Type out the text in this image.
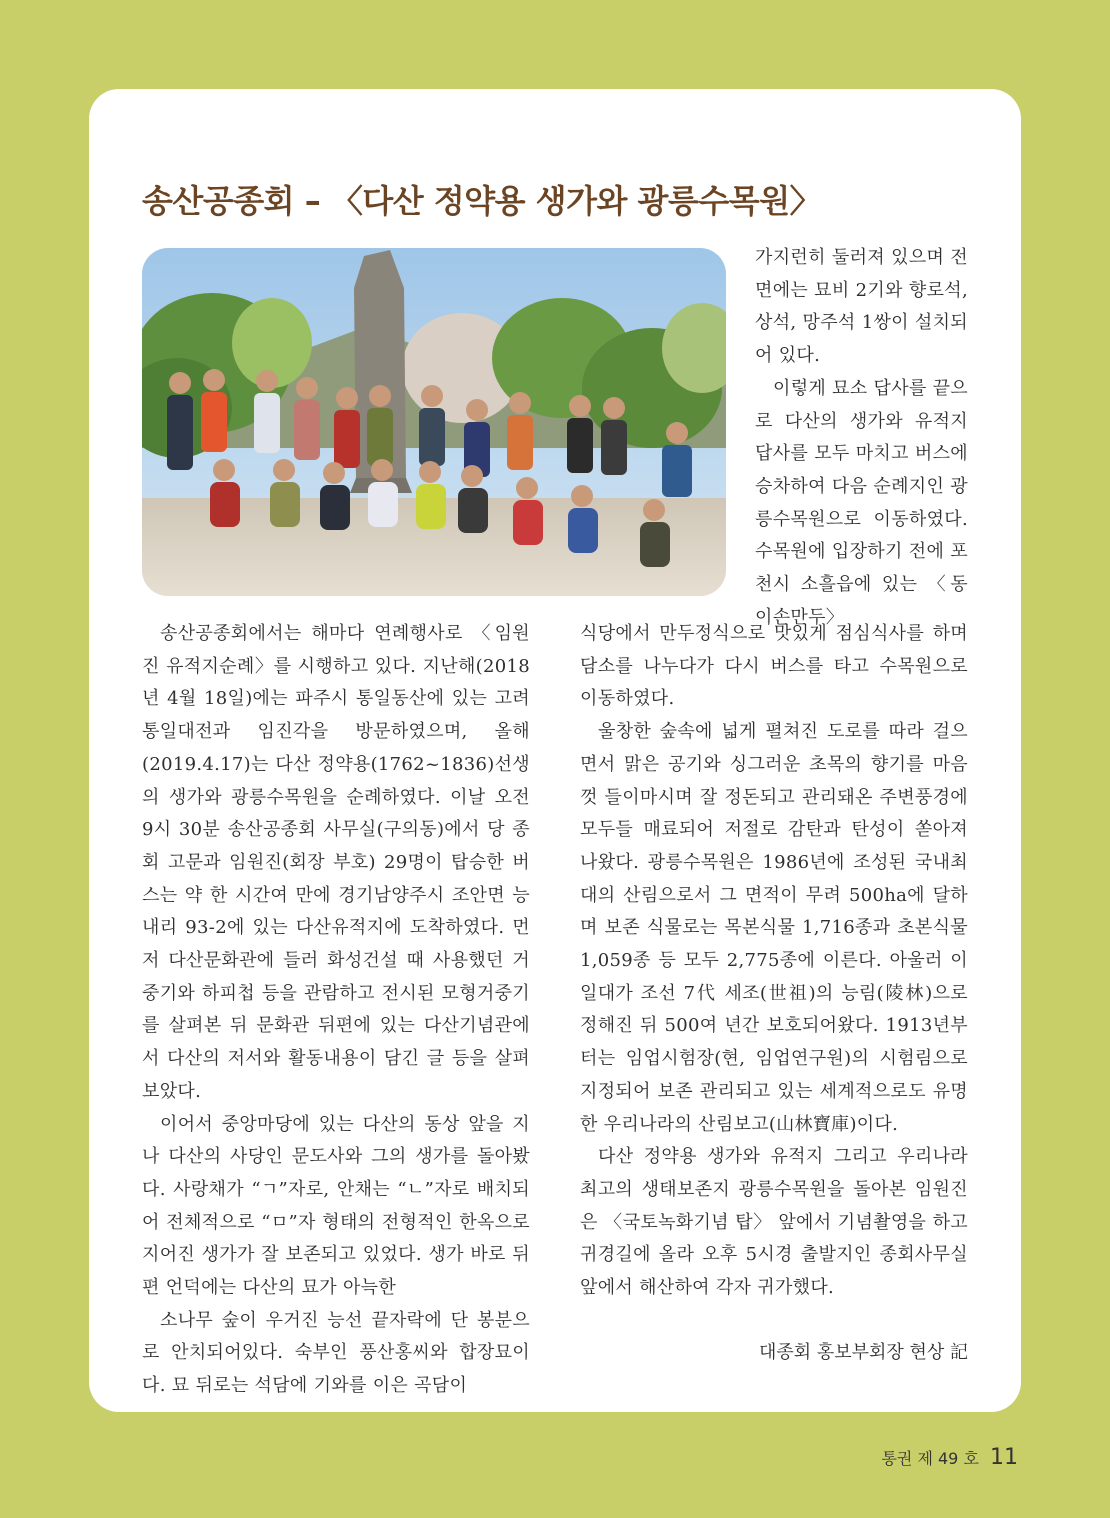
송산공종회 – 〈다산 정약용 생가와 광릉수목원〉

가지런히 둘러져 있으며 전면에는 묘비 2기와 향로석, 상석, 망주석 1쌍이 설치되어 있다.

이렇게 묘소 답사를 끝으로 다산의 생가와 유적지 답사를 모두 마치고 버스에 승차하여 다음 순례지인 광릉수목원으로 이동하였다. 수목원에 입장하기 전에 포천시 소흘읍에 있는 〈동이손만두〉

송산공종회에서는 해마다 연례행사로 〈임원진 유적지순례〉를 시행하고 있다. 지난해(2018년 4월 18일)에는 파주시 통일동산에 있는 고려통일대전과 임진각을 방문하였으며, 올해(2019.4.17)는 다산 정약용(1762~1836)선생의 생가와 광릉수목원을 순례하였다. 이날 오전 9시 30분 송산공종회 사무실(구의동)에서 당 종회 고문과 임원진(회장 부호) 29명이 탑승한 버스는 약 한 시간여 만에 경기남양주시 조안면 능내리 93-2에 있는 다산유적지에 도착하였다. 먼저 다산문화관에 들러 화성건설 때 사용했던 거중기와 하피첩 등을 관람하고 전시된 모형거중기를 살펴본 뒤 문화관 뒤편에 있는 다산기념관에서 다산의 저서와 활동내용이 담긴 글 등을 살펴보았다.

이어서 중앙마당에 있는 다산의 동상 앞을 지나 다산의 사당인 문도사와 그의 생가를 돌아봤다. 사랑채가 “ㄱ”자로, 안채는 “ㄴ”자로 배치되어 전체적으로 “ㅁ”자 형태의 전형적인 한옥으로 지어진 생가가 잘 보존되고 있었다. 생가 바로 뒤편 언덕에는 다산의 묘가 아늑한

소나무 숲이 우거진 능선 끝자락에 단 봉분으로 안치되어있다. 숙부인 풍산홍씨와 합장묘이다. 묘 뒤로는 석담에 기와를 이은 곡담이

식당에서 만두정식으로 맛있게 점심식사를 하며 담소를 나누다가 다시 버스를 타고 수목원으로 이동하였다.

울창한 숲속에 넓게 펼쳐진 도로를 따라 걸으면서 맑은 공기와 싱그러운 초목의 향기를 마음껏 들이마시며 잘 정돈되고 관리돼온 주변풍경에 모두들 매료되어 저절로 감탄과 탄성이 쏟아져 나왔다. 광릉수목원은 1986년에 조성된 국내최대의 산림으로서 그 면적이 무려 500ha에 달하며 보존 식물로는 목본식물 1,716종과 초본식물 1,059종 등 모두 2,775종에 이른다. 아울러 이 일대가 조선 7代 세조(世祖)의 능림(陵林)으로 정해진 뒤 500여 년간 보호되어왔다. 1913년부터는 임업시험장(현, 임업연구원)의 시험림으로 지정되어 보존 관리되고 있는 세계적으로도 유명한 우리나라의 산림보고(山林寶庫)이다.

다산 정약용 생가와 유적지 그리고 우리나라 최고의 생태보존지 광릉수목원을 돌아본 임원진은 〈국토녹화기념 탑〉 앞에서 기념촬영을 하고 귀경길에 올라 오후 5시경 출발지인 종회사무실 앞에서 해산하여 각자 귀가했다.

대종회 홍보부회장 현상 記
통권 제 49 호 11
